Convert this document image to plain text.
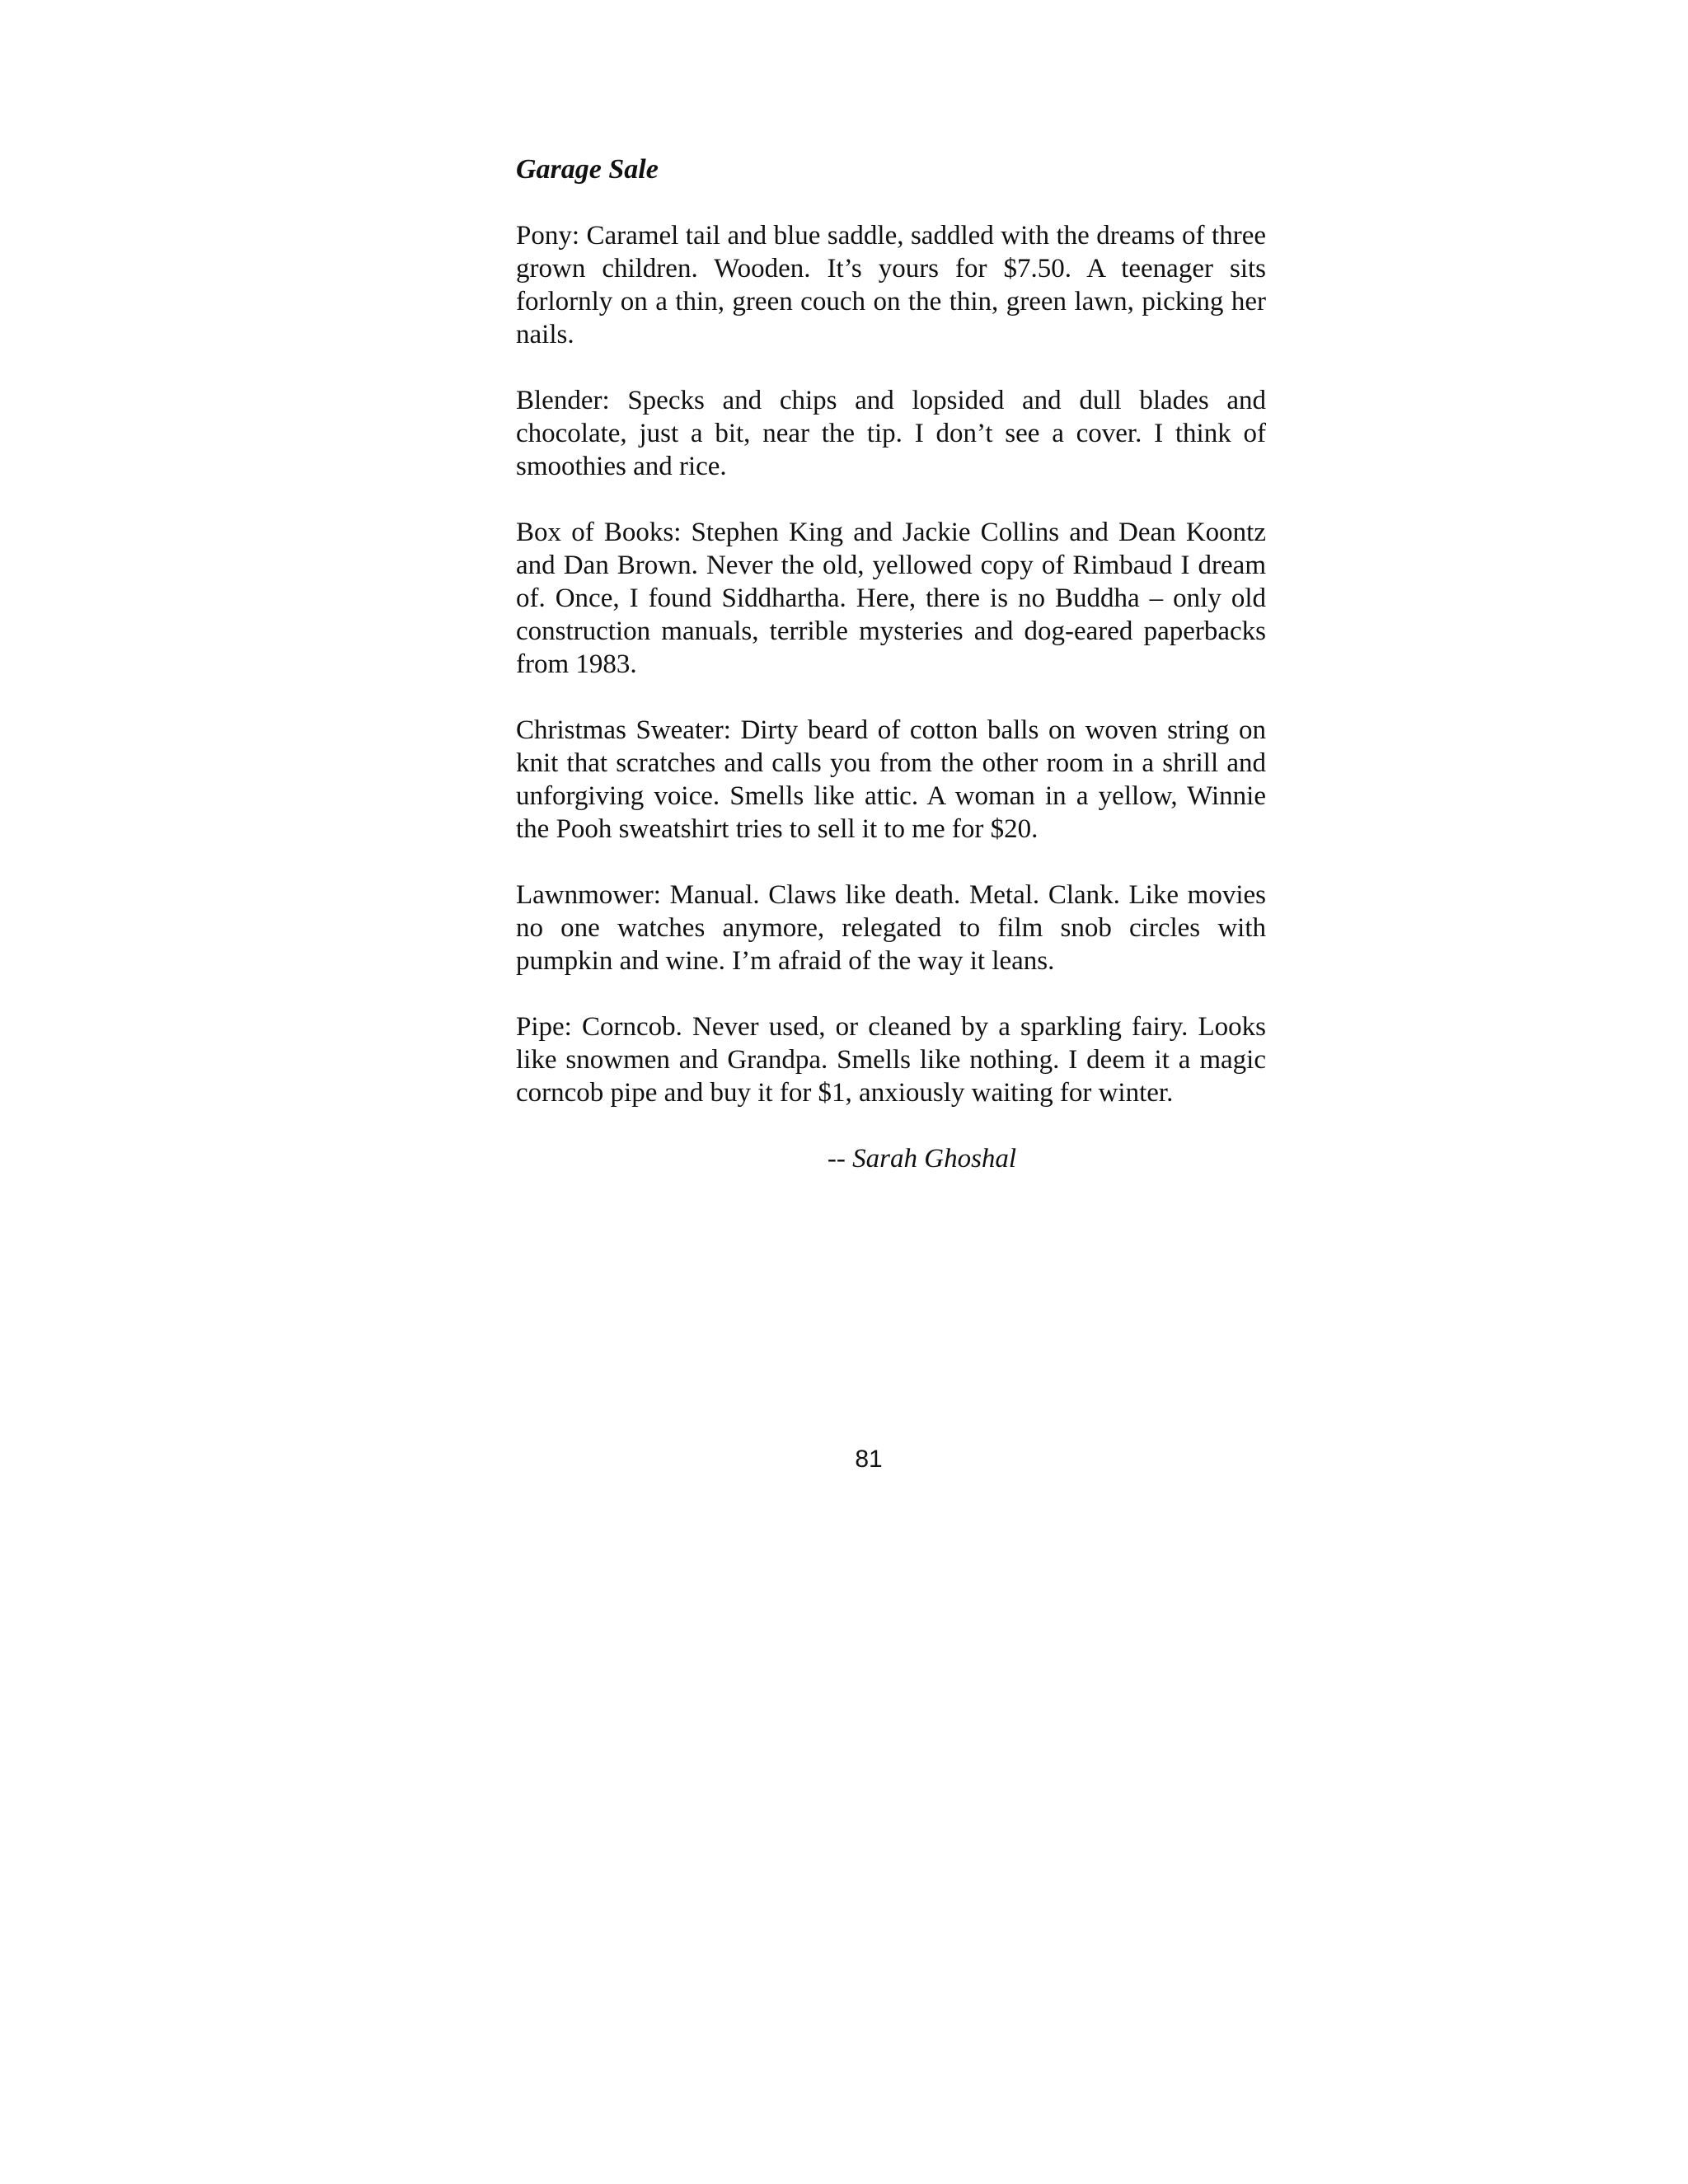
Garage Sale

Pony: Caramel tail and blue saddle, saddled with the dreams of three grown children. Wooden. It’s yours for $7.50. A teenager sits forlornly on a thin, green couch on the thin, green lawn, picking her nails.

Blender: Specks and chips and lopsided and dull blades and chocolate, just a bit, near the tip. I don’t see a cover. I think of smoothies and rice.

Box of Books: Stephen King and Jackie Collins and Dean Koontz and Dan Brown. Never the old, yellowed copy of Rimbaud I dream of. Once, I found Siddhartha. Here, there is no Buddha – only old construction manuals, terrible mysteries and dog-eared paperbacks from 1983.

Christmas Sweater: Dirty beard of cotton balls on woven string on knit that scratches and calls you from the other room in a shrill and unforgiving voice. Smells like attic. A woman in a yellow, Winnie the Pooh sweatshirt tries to sell it to me for $20.

Lawnmower: Manual. Claws like death. Metal. Clank. Like movies no one watches anymore, relegated to film snob circles with pumpkin and wine. I’m afraid of the way it leans.

Pipe: Corncob. Never used, or cleaned by a sparkling fairy. Looks like snowmen and Grandpa. Smells like nothing. I deem it a magic corncob pipe and buy it for $1, anxiously waiting for winter.

-- Sarah Ghoshal

81
